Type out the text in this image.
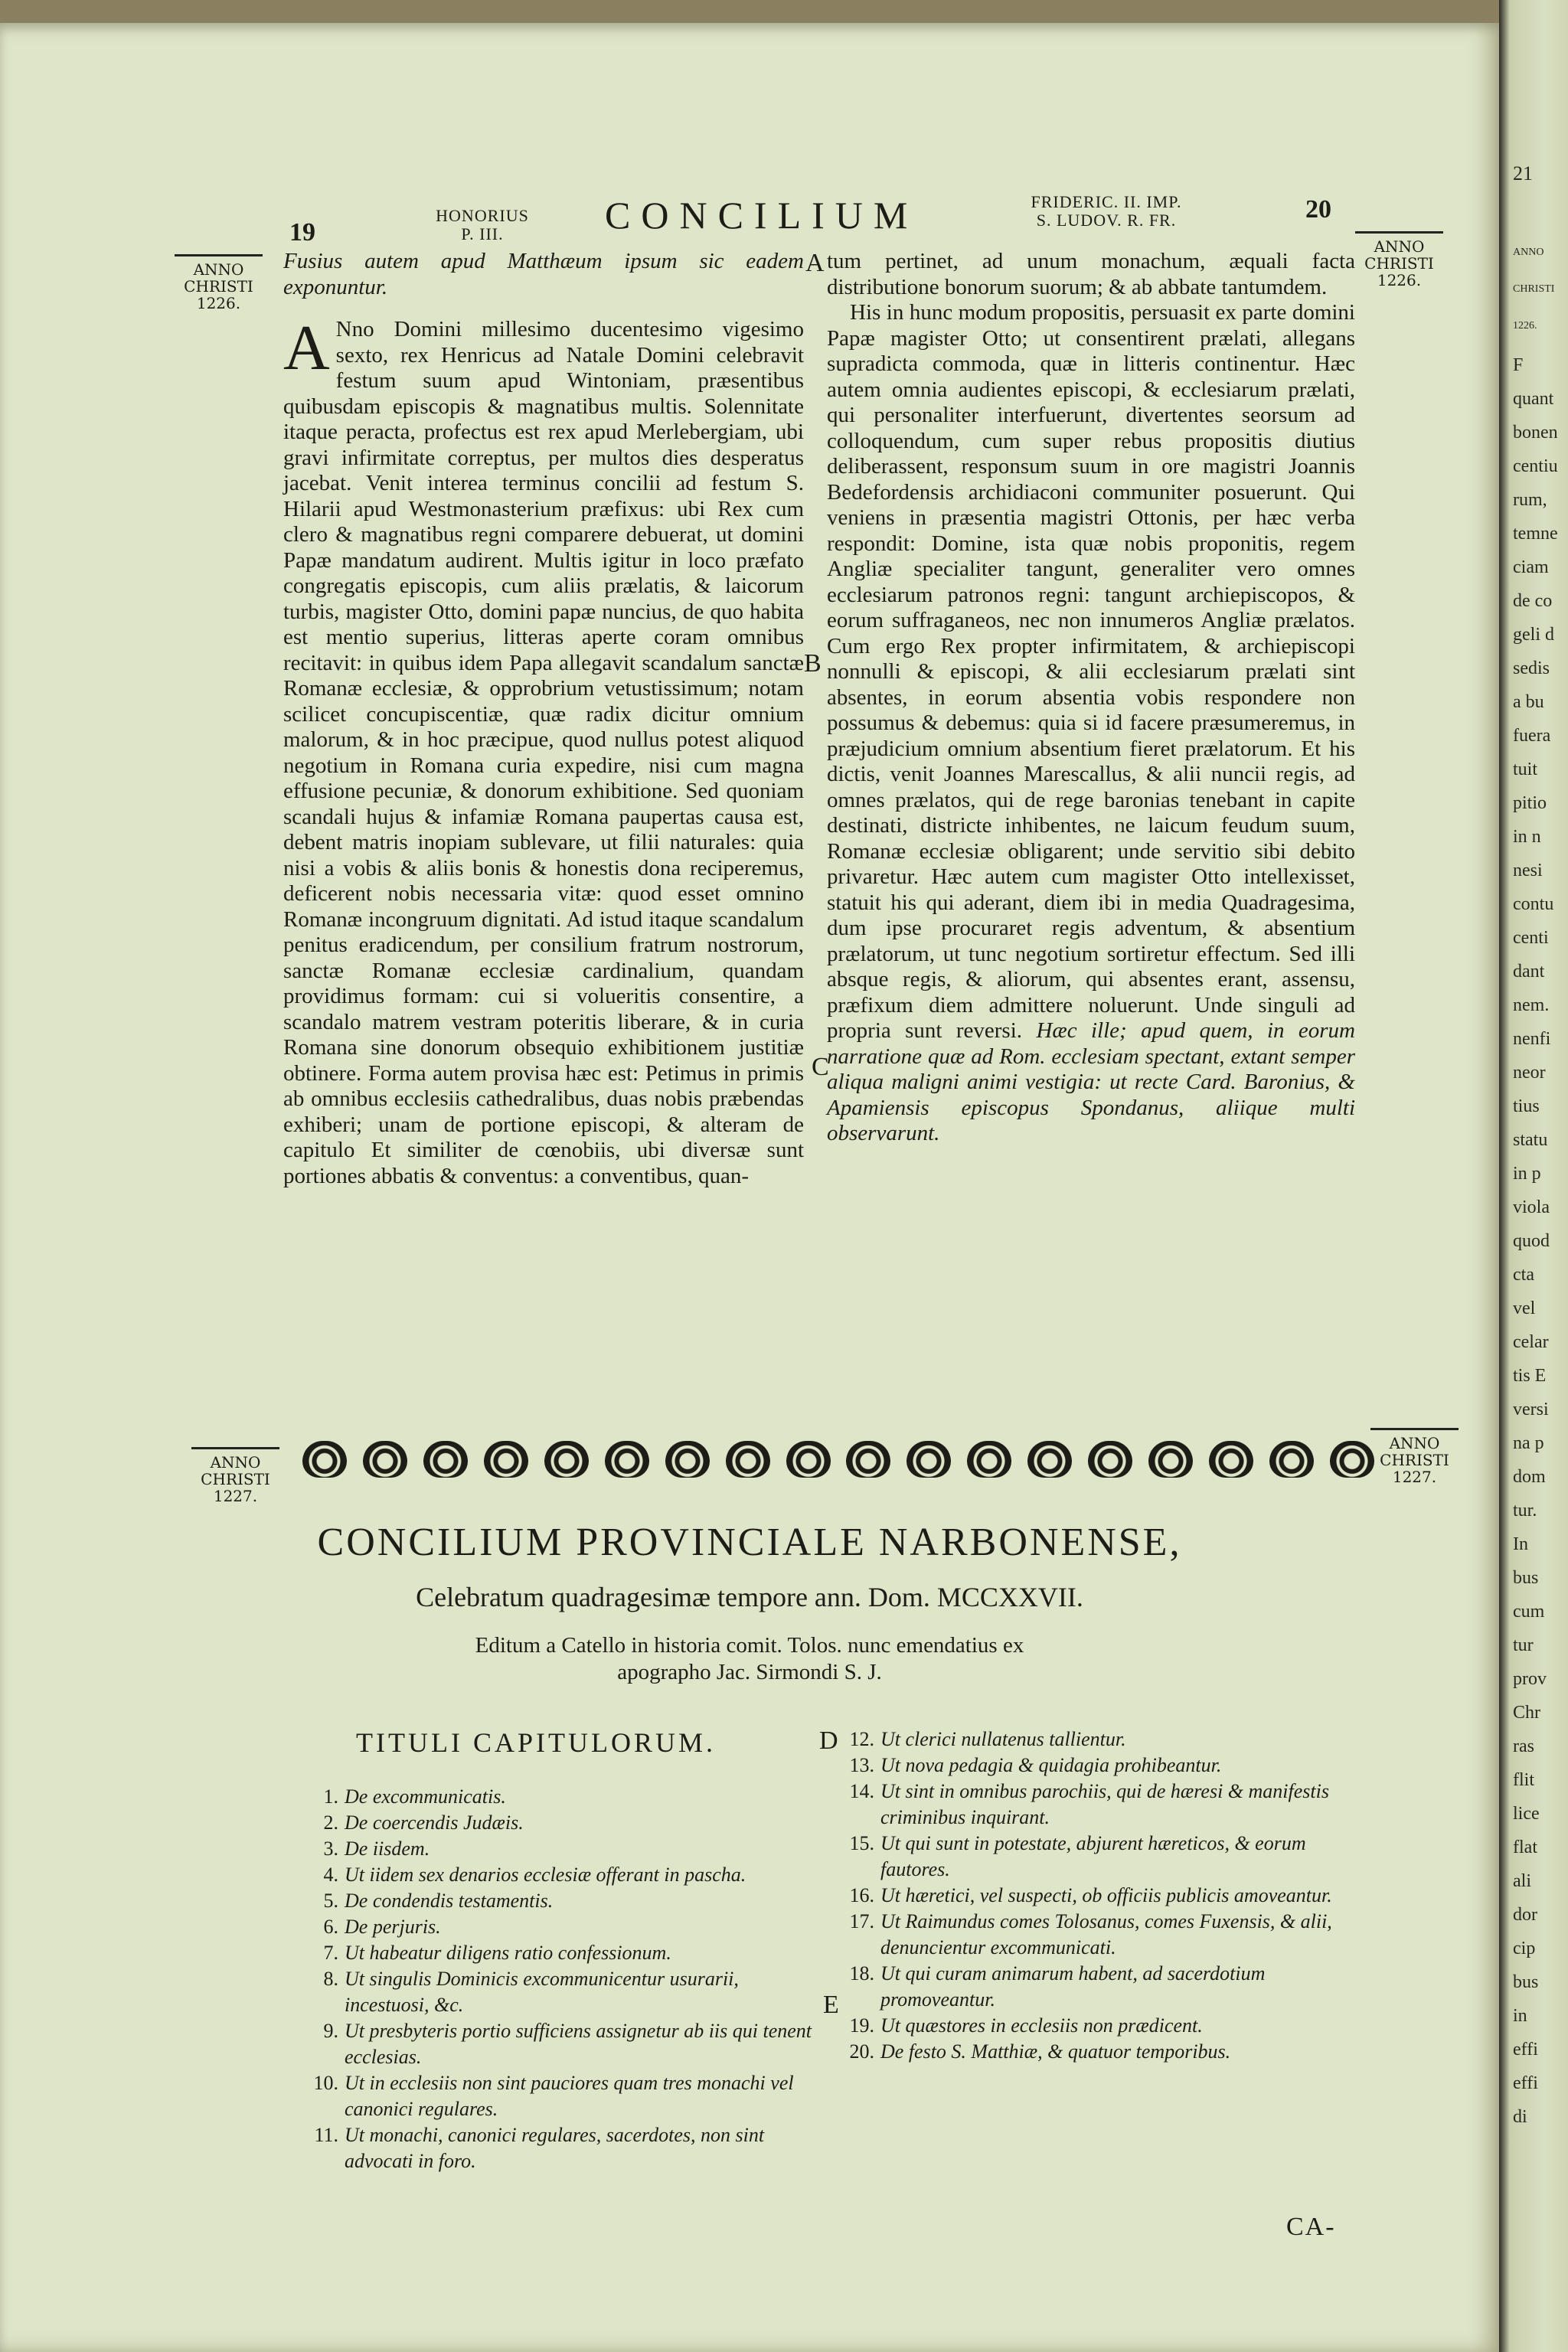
19
HONORIUS
P. III.	CONCILIUM	FRIDERIC. II. IMP.
S. LUDOV. R. FR.	20
ANNO
CHRISTI
1226.
ANNO
CHRISTI
1226.

Fusius autem apud Matthæum ipsum sic eadem exponuntur.

A Nno Domini millesimo ducentesimo vigesimo sexto, rex Henricus ad Natale Domini celebravit festum suum apud Wintoniam, præsentibus quibusdam episcopis & magnatibus multis. Solennitate itaque peracta, profectus est rex apud Merlebergiam, ubi gravi infirmitate correptus, per multos dies desperatus jacebat. Venit interea terminus concilii ad festum S. Hilarii apud Westmonasterium præfixus: ubi Rex cum clero & magnatibus regni comparere debuerat, ut domini Papæ mandatum audirent. Multis igitur in loco præfato congregatis episcopis, cum aliis prælatis, & laicorum turbis, magister Otto, domini papæ nuncius, de quo habita est mentio superius, litteras aperte coram omnibus recitavit: in quibus idem Papa allegavit scandalum sanctæ Romanæ ecclesiæ, & opprobrium vetustissimum; notam scilicet concupiscentiæ, quæ radix dicitur omnium malorum, & in hoc præcipue, quod nullus potest aliquod negotium in Romana curia expedire, nisi cum magna effusione pecuniæ, & donorum exhibitione. Sed quoniam scandali hujus & infamiæ Romana paupertas causa est, debent matris inopiam sublevare, ut filii naturales: quia nisi a vobis & aliis bonis & honestis dona reciperemus, deficerent nobis necessaria vitæ: quod esset omnino Romanæ incongruum dignitati. Ad istud itaque scandalum penitus eradicendum, per consilium fratrum nostrorum, sanctæ Romanæ ecclesiæ cardinalium, quandam providimus formam: cui si volueritis consentire, a scandalo matrem vestram poteritis liberare, & in curia Romana sine donorum obsequio exhibitionem justitiæ obtinere. Forma autem provisa hæc est: Petimus in primis ab omnibus ecclesiis cathedralibus, duas nobis præbendas exhiberi; unam de portione episcopi, & alteram de capitulo Et similiter de cœnobiis, ubi diversæ sunt portiones abbatis & conventus: a conventibus, quan-

A
B
C

tum pertinet, ad unum monachum, æquali facta distributione bonorum suorum; & ab abbate tantumdem.

His in hunc modum propositis, persuasit ex parte domini Papæ magister Otto; ut consentirent prælati, allegans supradicta commoda, quæ in litteris continentur. Hæc autem omnia audientes episcopi, & ecclesiarum prælati, qui personaliter interfuerunt, divertentes seorsum ad colloquendum, cum super rebus propositis diutius deliberassent, responsum suum in ore magistri Joannis Bedefordensis archidiaconi communiter posuerunt. Qui veniens in præsentia magistri Ottonis, per hæc verba respondit: Domine, ista quæ nobis proponitis, regem Angliæ specialiter tangunt, generaliter vero omnes ecclesiarum patronos regni: tangunt archiepiscopos, & eorum suffraganeos, nec non innumeros Angliæ prælatos. Cum ergo Rex propter infirmitatem, & archiepiscopi nonnulli & episcopi, & alii ecclesiarum prælati sint absentes, in eorum absentia vobis respondere non possumus & debemus: quia si id facere præsumeremus, in præjudicium omnium absentium fieret prælatorum. Et his dictis, venit Joannes Marescallus, & alii nuncii regis, ad omnes prælatos, qui de rege baronias tenebant in capite destinati, districte inhibentes, ne laicum feudum suum, Romanæ ecclesiæ obligarent; unde servitio sibi debito privaretur. Hæc autem cum magister Otto intellexisset, statuit his qui aderant, diem ibi in media Quadragesima, dum ipse procuraret regis adventum, & absentium prælatorum, ut tunc negotium sortiretur effectum. Sed illi absque regis, & aliorum, qui absentes erant, assensu, præfixum diem admittere noluerunt. Unde singuli ad propria sunt reversi. Hæc ille; apud quem, in eorum narratione quæ ad Rom. ecclesiam spectant, extant semper aliqua maligni animi vestigia: ut recte Card. Baronius, & Apamiensis episcopus Spondanus, aliique multi observarunt.

ANNO
CHRISTI
1227.
ANNO
CHRISTI
1227.
CONCILIUM PROVINCIALE NARBONENSE,
Celebratum quadragesimæ tempore ann. Dom. MCCXXVII.
Editum a Catello in historia comit. Tolos. nunc emendatius ex
apographo Jac. Sirmondi S. J.
TITULI CAPITULORUM.	D
E
1. De excommunicatis.
2. De coercendis Judæis.
3. De iisdem.
4. Ut iidem sex denarios ecclesiæ offerant in pascha.
5. De condendis testamentis.
6. De perjuris.
7. Ut habeatur diligens ratio confessionum.
8. Ut singulis Dominicis excommunicentur usurarii, incestuosi, &c.
9. Ut presbyteris portio sufficiens assignetur ab iis qui tenent ecclesias.
10. Ut in ecclesiis non sint pauciores quam tres monachi vel canonici regulares.
11. Ut monachi, canonici regulares, sacerdotes, non sint advocati in foro.
12. Ut clerici nullatenus tallientur.
13. Ut nova pedagia & quidagia prohibeantur.
14. Ut sint in omnibus parochiis, qui de hæresi & manifestis criminibus inquirant.
15. Ut qui sunt in potestate, abjurent hæreticos, & eorum fautores.
16. Ut hæretici, vel suspecti, ob officiis publicis amoveantur.
17. Ut Raimundus comes Tolosanus, comes Fuxensis, & alii, denuncientur excommunicati.
18. Ut qui curam animarum habent, ad sacerdotium promoveantur.
19. Ut quæstores in ecclesiis non prædicent.
20. De festo S. Matthiæ, & quatuor temporibus.
CA-
21

ANNO

CHRISTI

1226.

F
quant
bonen
centiu
rum,
temne
ciam
de co
geli d
sedis
a bu
fuera
tuit
pitio
in n
nesi
contu
centi
dant
nem.
nenfi
neor
tius
statu
in p
viola
quod
cta
vel
celar
tis E
versi
na p
dom
tur.
In
bus
cum
tur
prov
Chr
ras
flit
lice
flat
ali
dor
cip
bus
in
effi
effi
di
